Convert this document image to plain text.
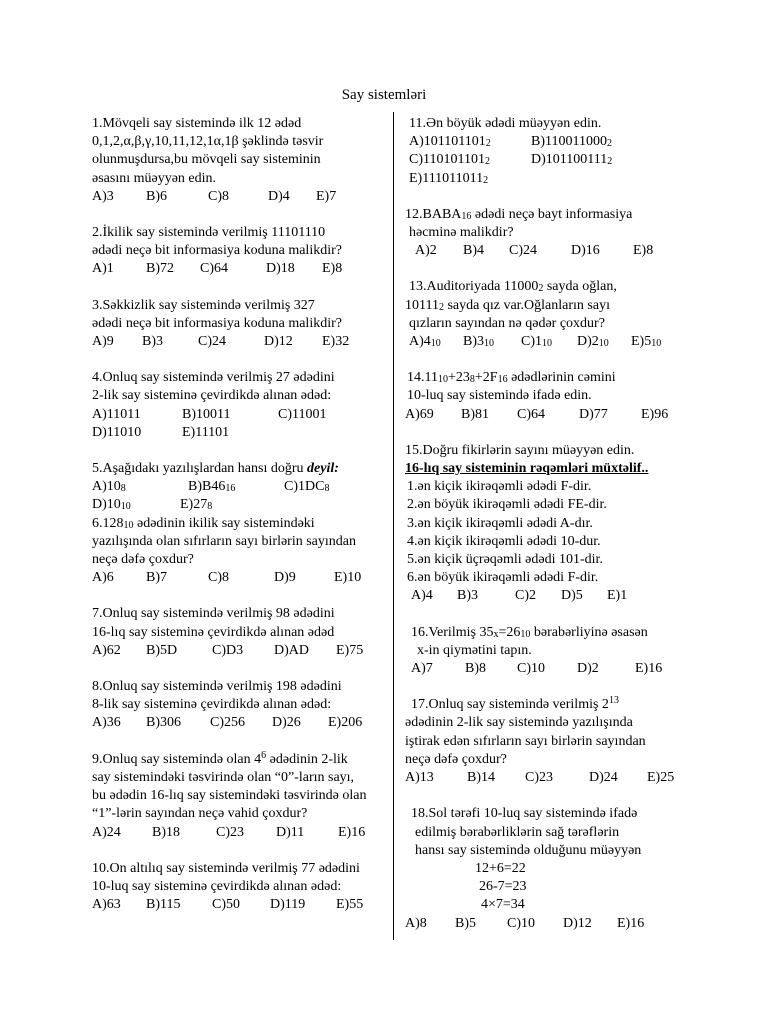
Say sistemləri
1.Mövqeli say sistemində ilk 12 ədəd
0,1,2,α,β,γ,10,11,12,1α,1β şəklində təsvir
olunmuşdursa,bu mövqeli say sisteminin
əsasını müəyyən edin.
A)3 B)6	C)8	D)4 E)7
2.İkilik say sistemində verilmiş 11101110
ədədi neçə bit informasiya koduna malikdir?
A)1 B)72 C)64	D)18 E)8
3.Səkkizlik say sistemində verilmiş 327
ədədi neçə bit informasiya koduna malikdir?
A)9 B)3	C)24	D)12 E)32
4.Onluq say sistemində verilmiş 27 ədədini
2-lik say sisteminə çevirdikdə alınan ədəd:
A)11011	B)10011	C)11001
D)11010	E)11101
5.Aşağıdakı yazılışlardan hansı doğru deyil:
$A)10_8$	$B)B46_{16}$	$C)1DC_8$
$D)10_{10}$	$E)27_8$
$6.128_{10}$ ədədinin ikilik say sistemindəki
yazılışında olan sıfırların sayı birlərin sayından
neçə dəfə çoxdur?
A)6 B)7	C)8	D)9	E)10
7.Onluq say sistemində verilmiş 98 ədədini
16-lıq say sisteminə çevirdikdə alınan ədəd
A)62 B)5D C)D3 D)AD E)75
8.Onluq say sistemində verilmiş 198 ədədini
8-lik say sisteminə çevirdikdə alınan ədəd:
A)36 B)306 C)256 D)26 E)206
9.Onluq say sistemində olan $4^6$ ədədinin 2-lik
say sistemindəki təsvirində olan “0”-ların sayı,
bu ədədin 16-lıq say sistemindəki təsvirində olan
“1”-lərin sayından neçə vahid çoxdur?
A)24 B)18	C)23 D)11 E)16
10.On altılıq say sistemində verilmiş 77 ədədini
10-luq say sisteminə çevirdikdə alınan ədəd:
A)63 B)115 C)50 D)119 E)55
11.Ən böyük ədədi müəyyən edin.
$A)101101101_2$	$B)110011000_2$
$C)110101101_2$	$D)101100111_2$
$E)111011011_2$
$12.BABA_{16}$ ədədi neçə bayt informasiya
həcminə malikdir?
A)2 B)4 C)24 D)16 E)8
13.Auditoriyada $11000_2$ sayda oğlan,
$10111_2$ sayda qız var.Oğlanların sayı
qızların sayından nə qədər çoxdur?
$A)4_{10}$ $B)3_{10}$ $C)1_{10}$ $D)2_{10}$ $E)5_{10}$
$14.11_{10}+23_8+2F_{16}$ ədədlərinin cəmini
10-luq say sistemində ifadə edin.
A)69 B)81 C)64 D)77 E)96
15.Doğru fikirlərin sayını müəyyən edin.
16-lıq say sisteminin rəqəmləri müxtəlif..
1.ən kiçik ikirəqəmli ədədi F-dir.
2.ən böyük ikirəqəmli ədədi FE-dir.
3.ən kiçik ikirəqəmli ədədi A-dır.
4.ən kiçik ikirəqəmli ədədi 10-dur.
5.ən kiçik üçrəqəmli ədədi 101-dir.
6.ən böyük ikirəqəmli ədədi F-dir.
A)4 B)3	C)2 D)5 E)1
16.Verilmiş $35_x=26_{10}$ bərabərliyinə əsasən
x-in qiymətini tapın.
A)7 B)8 C)10 D)2	E)16
17.Onluq say sistemində verilmiş $2^{13}$
ədədinin 2-lik say sistemində yazılışında
iştirak edən sıfırların sayı birlərin sayından
neçə dəfə çoxdur?
A)13 B)14 C)23	D)24 E)25
18.Sol tərəfi 10-luq say sistemində ifadə
edilmiş bərabərliklərin sağ tərəflərin
hansı say sistemində olduğunu müəyyən
12+6=22
26-7=23
4×7=34
A)8 B)5 C)10 D)12 E)16
